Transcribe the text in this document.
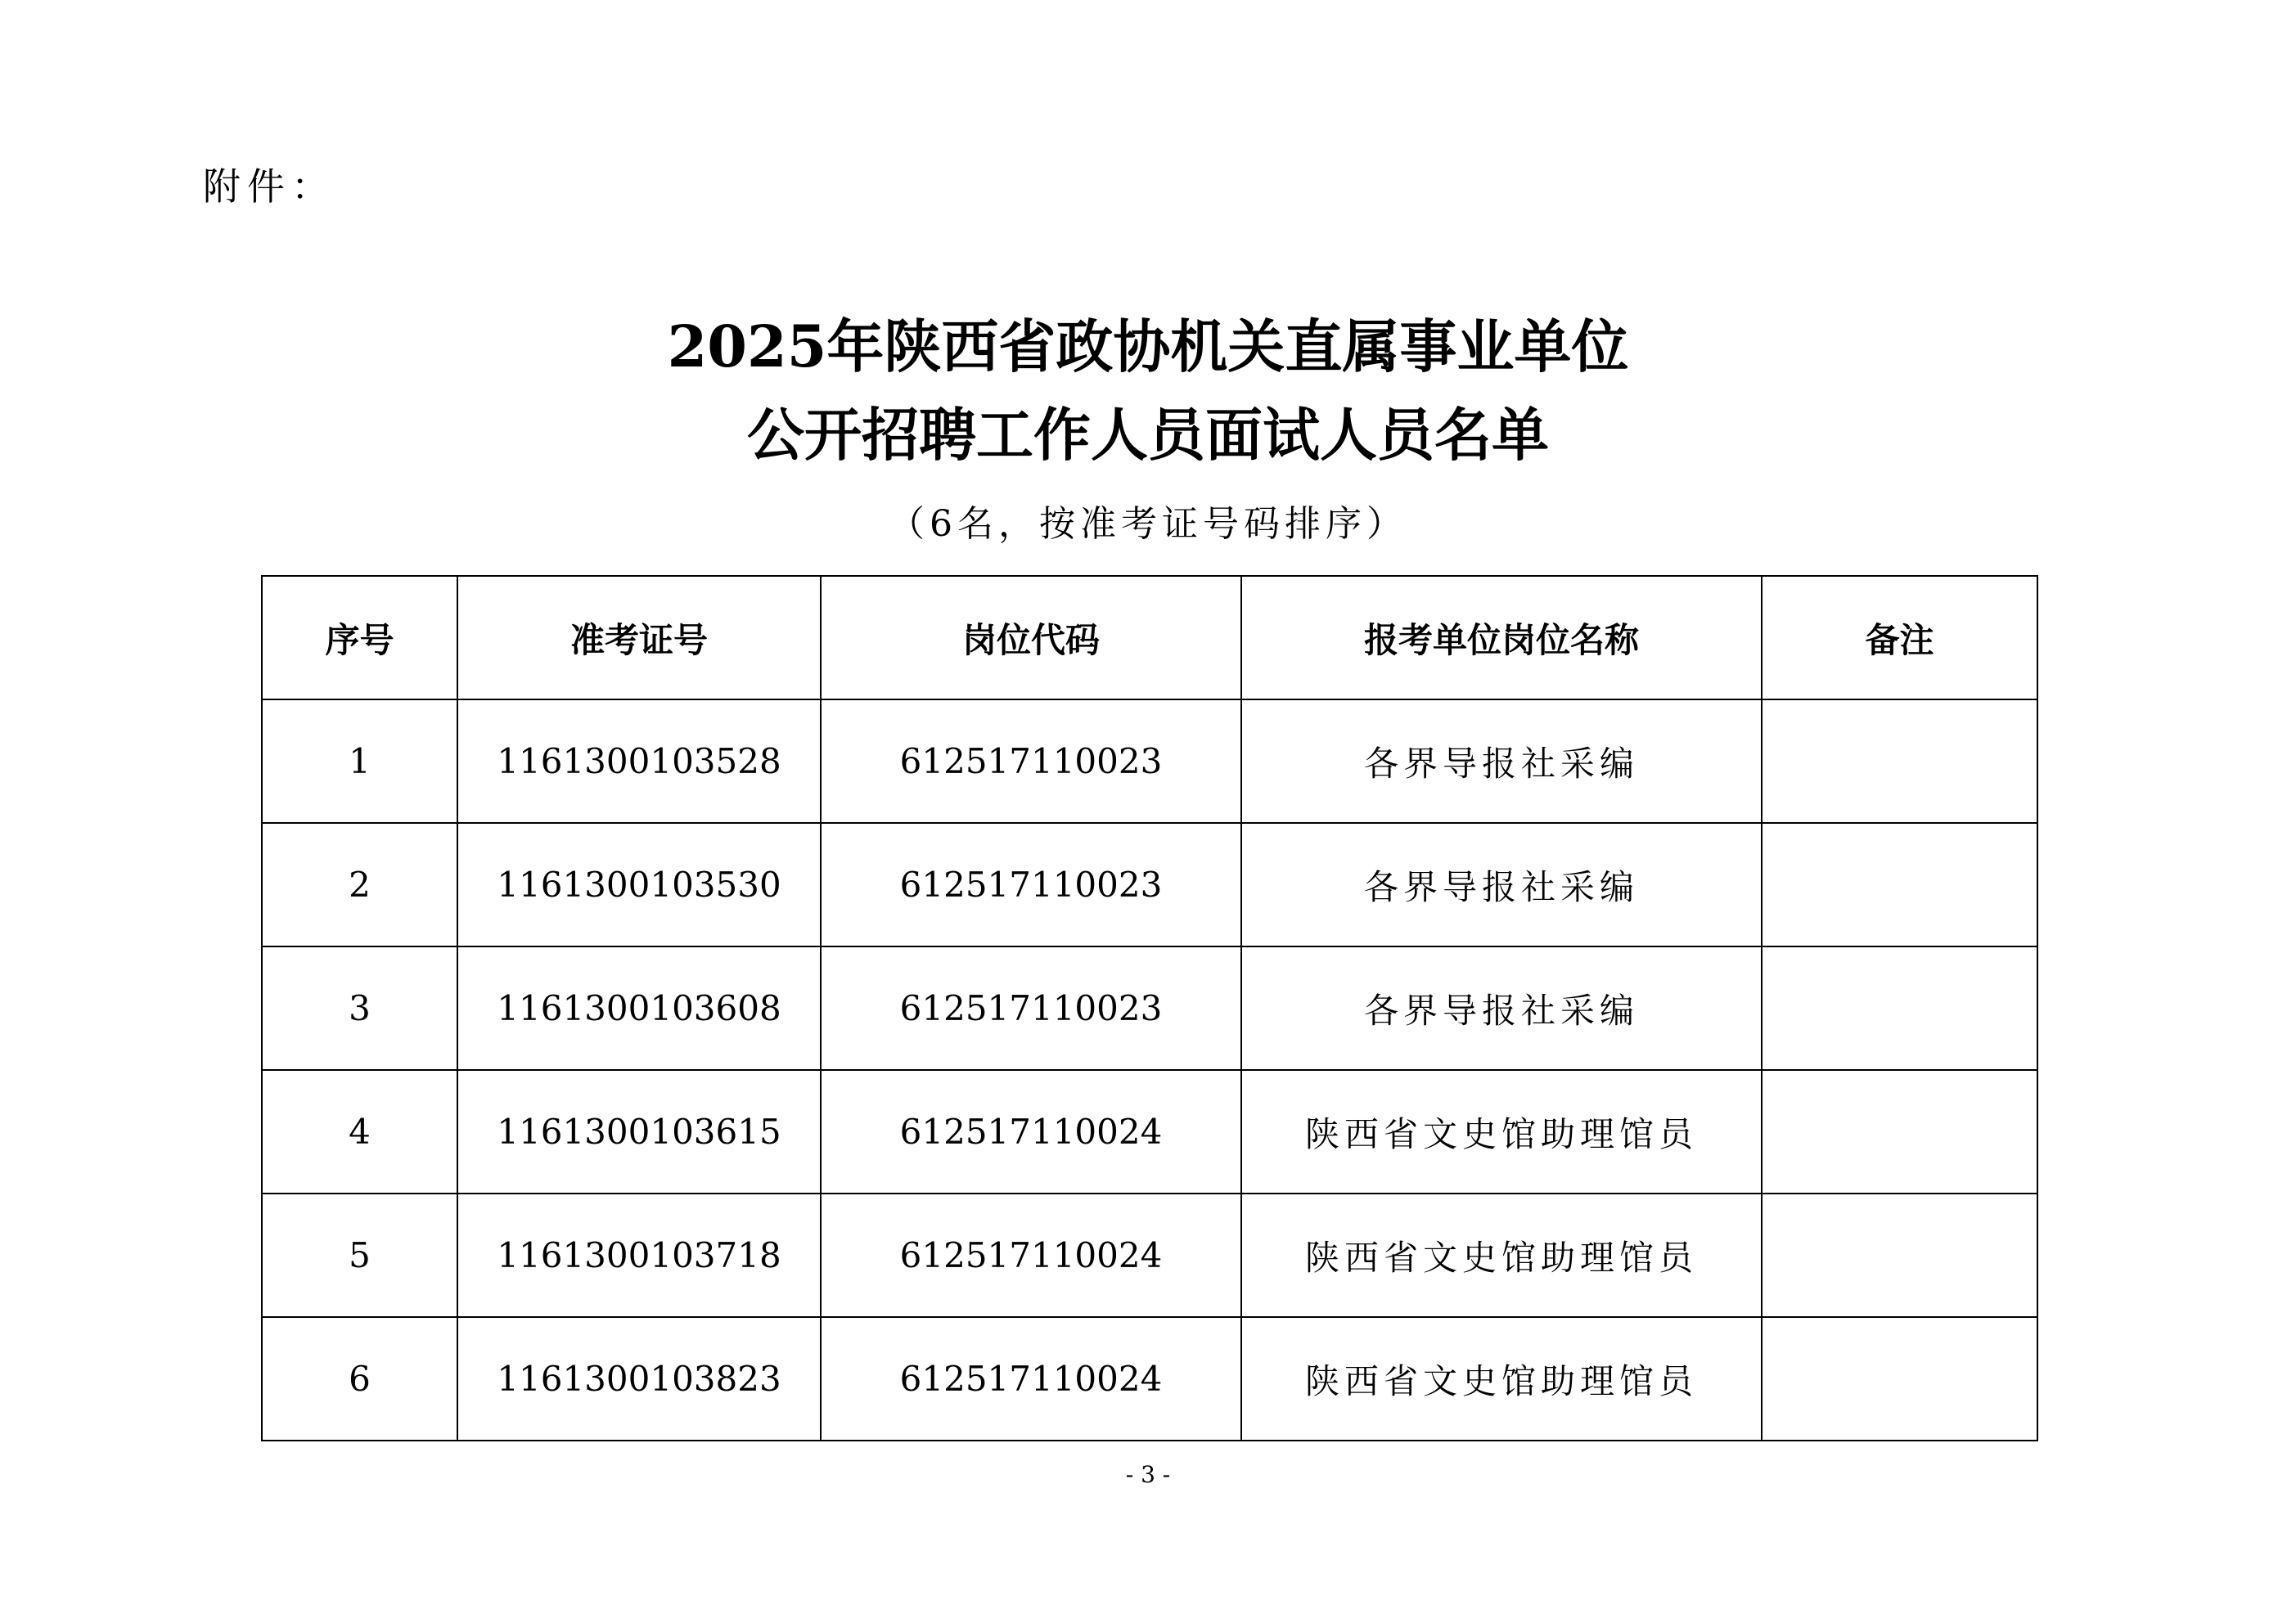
附件：
2025年陕西省政协机关直属事业单位
公开招聘工作人员面试人员名单
（6名，按准考证号码排序）
序号	准考证号	岗位代码	报考单位岗位名称	备注
1	1161300103528	612517110023	各界导报社采编	
2	1161300103530	612517110023	各界导报社采编	
3	1161300103608	612517110023	各界导报社采编	
4	1161300103615	612517110024	陕西省文史馆助理馆员	
5	1161300103718	612517110024	陕西省文史馆助理馆员	
6	1161300103823	612517110024	陕西省文史馆助理馆员	
- 3 -
